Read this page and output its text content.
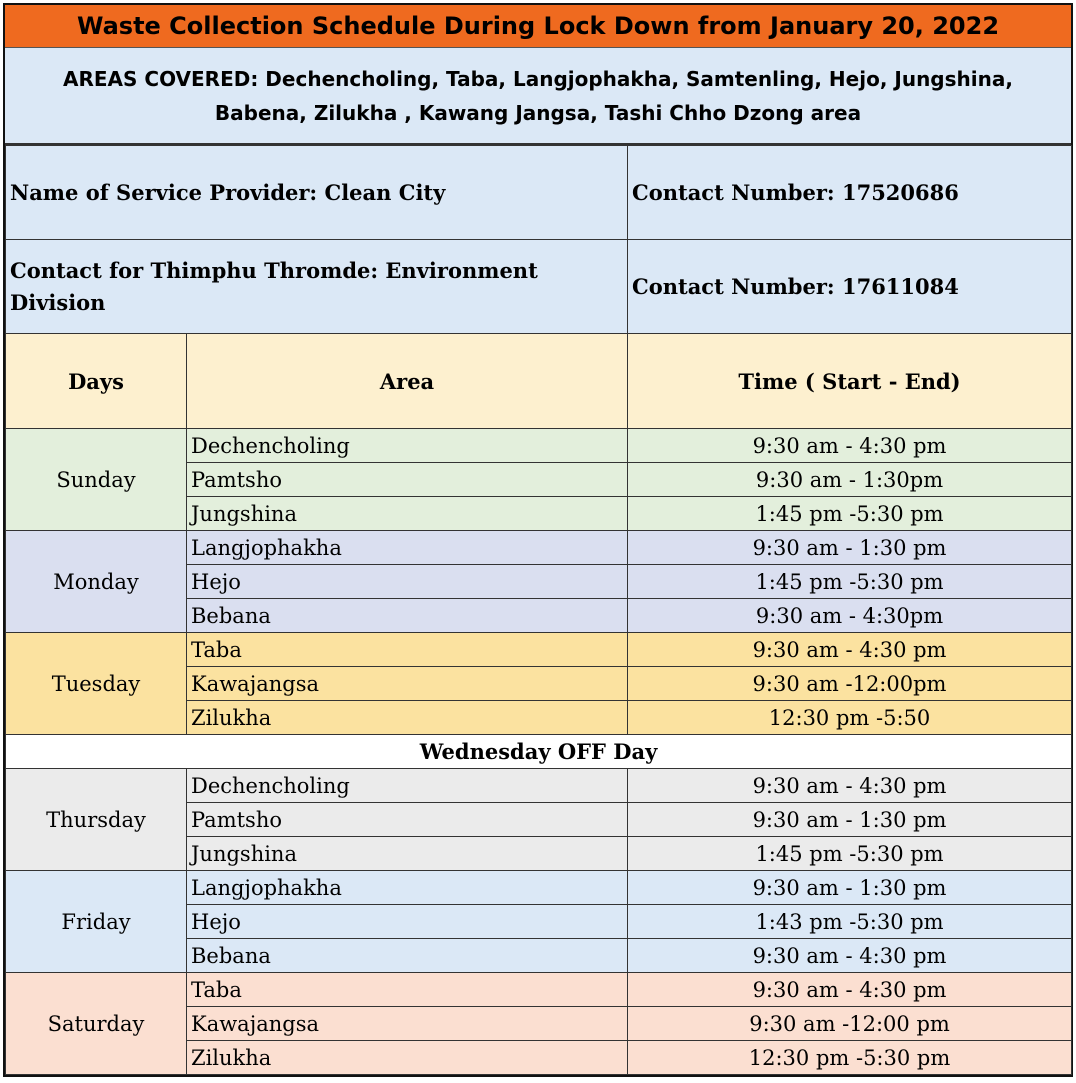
Waste Collection Schedule During Lock Down from January 20, 2022
AREAS COVERED: Dechencholing, Taba, Langjophakha, Samtenling, Hejo, Jungshina,
Babena, Zilukha , Kawang Jangsa, Tashi Chho Dzong area
Name of Service Provider: Clean City		Contact Number: 17520686

Contact for Thimphu Thromde: Environment
Division		Contact Number: 17611084
Days	Area	Time ( Start - End)
Sunday	Dechencholing	9:30 am - 4:30 pm
	Pamtsho	9:30 am - 1:30pm
	Jungshina	1:45 pm -5:30 pm
Monday	Langjophakha	9:30 am - 1:30 pm
	Hejo	1:45 pm -5:30 pm
	Bebana	9:30 am - 4:30pm
Tuesday	Taba	9:30 am - 4:30 pm
	Kawajangsa	9:30 am -12:00pm
	Zilukha	12:30 pm -5:50
Wednesday OFF Day		
Thursday	Dechencholing	9:30 am - 4:30 pm
	Pamtsho	9:30 am - 1:30 pm
	Jungshina	1:45 pm -5:30 pm
Friday	Langjophakha	9:30 am - 1:30 pm
	Hejo	1:43 pm -5:30 pm
	Bebana	9:30 am - 4:30 pm
Saturday	Taba	9:30 am - 4:30 pm
	Kawajangsa	9:30 am -12:00 pm
	Zilukha	12:30 pm -5:30 pm
